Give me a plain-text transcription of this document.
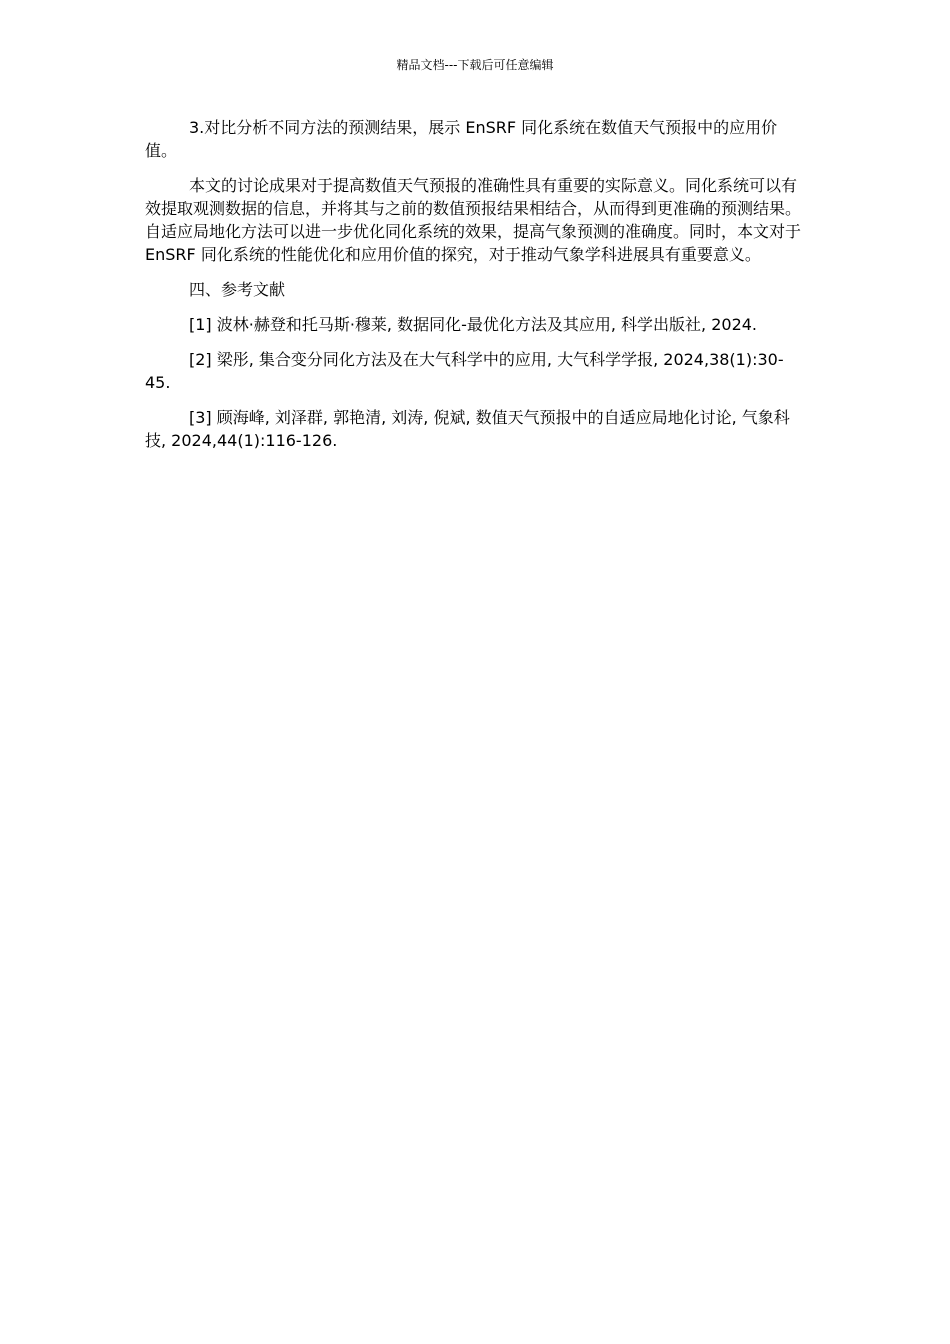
精品文档---下载后可任意编辑

3.对比分析不同方法的预测结果，展示 EnSRF 同化系统在数值天气预报中的应用价值。

本文的讨论成果对于提高数值天气预报的准确性具有重要的实际意义。同化系统可以有效提取观测数据的信息，并将其与之前的数值预报结果相结合，从而得到更准确的预测结果。自适应局地化方法可以进一步优化同化系统的效果，提高气象预测的准确度。同时，本文对于 EnSRF 同化系统的性能优化和应用价值的探究，对于推动气象学科进展具有重要意义。

四、参考文献

[1] 波林·赫登和托马斯·穆莱, 数据同化-最优化方法及其应用, 科学出版社, 2024.

[2] 梁彤, 集合变分同化方法及在大气科学中的应用, 大气科学学报, 2024,38(1):30-45.

[3] 顾海峰, 刘泽群, 郭艳清, 刘涛, 倪斌, 数值天气预报中的自适应局地化讨论, 气象科技, 2024,44(1):116-126.
